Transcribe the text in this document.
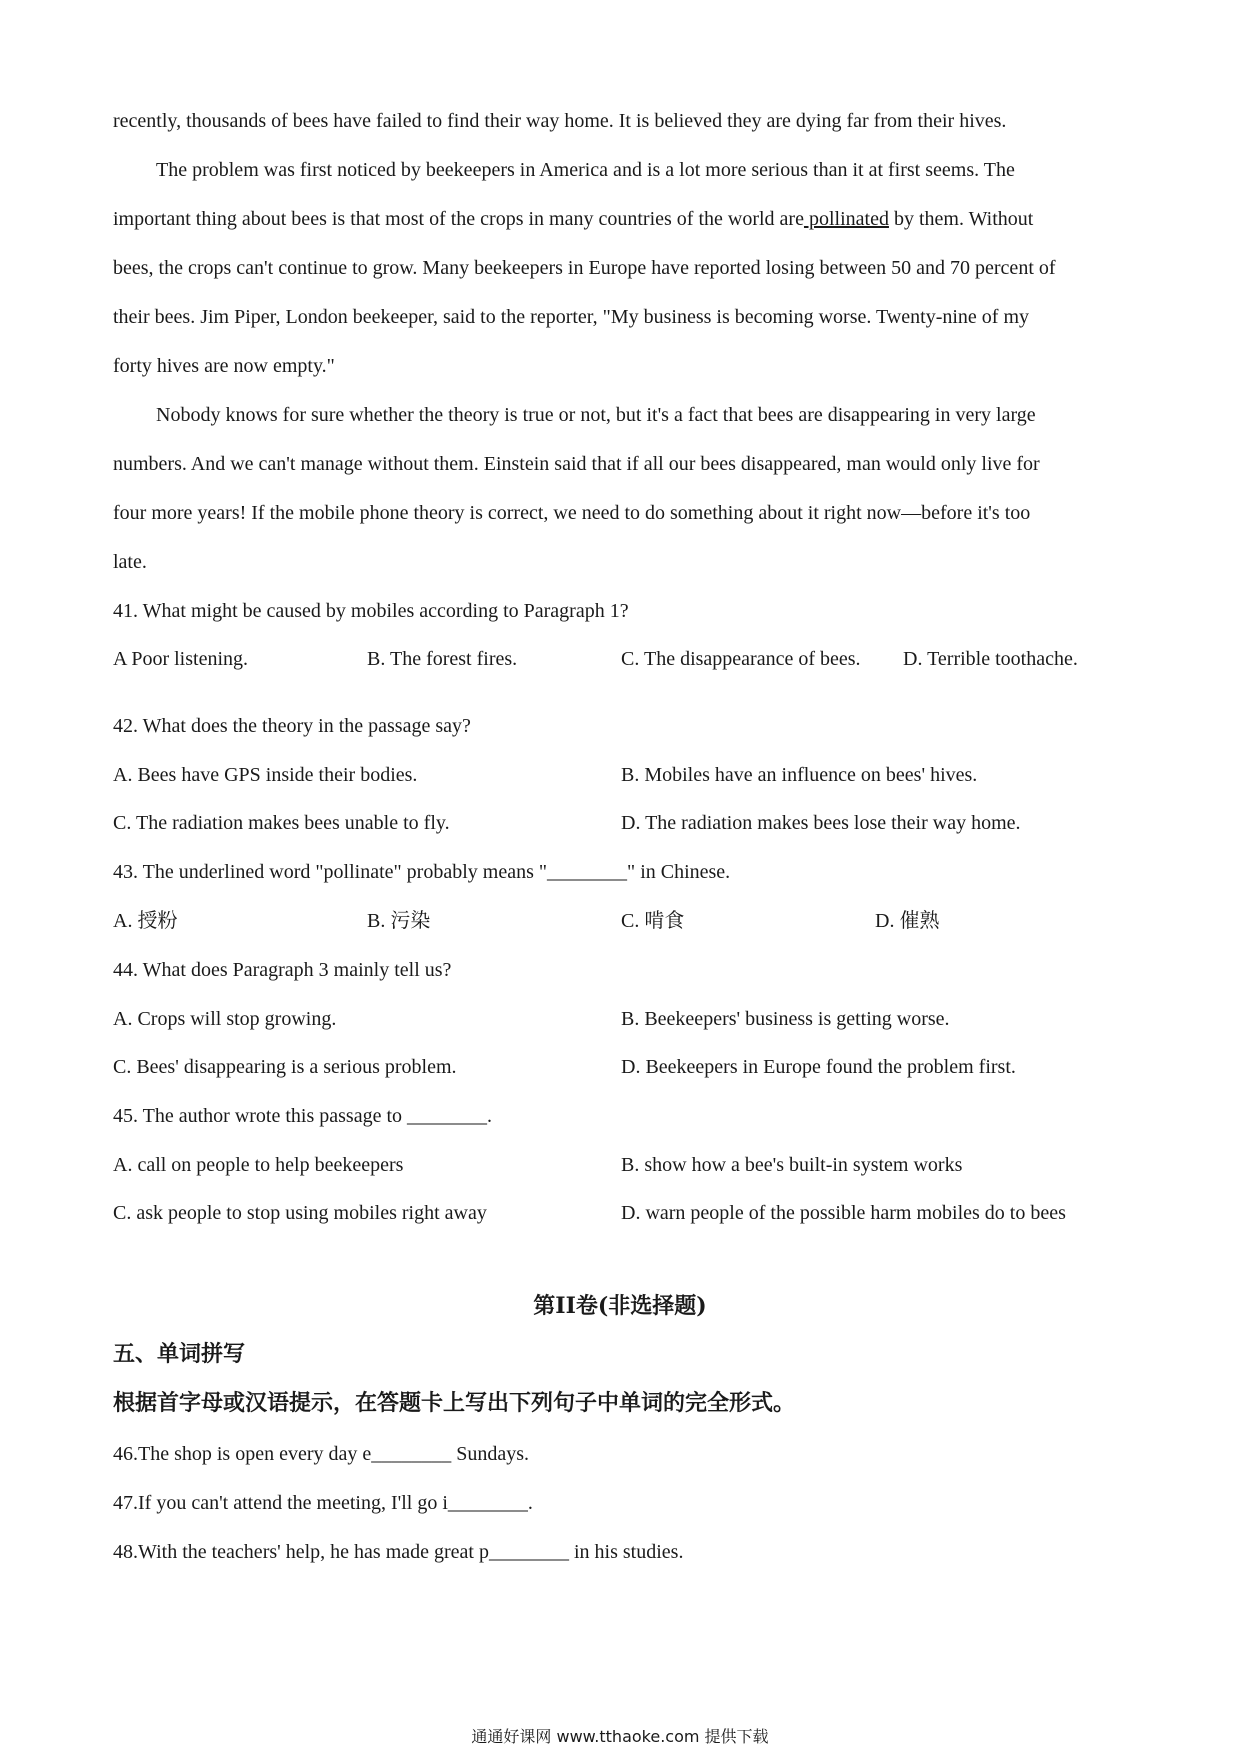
recently, thousands of bees have failed to find their way home. It is believed they are dying far from their hives.
The problem was first noticed by beekeepers in America and is a lot more serious than it at first seems. The
important thing about bees is that most of the crops in many countries of the world are pollinated by them. Without
bees, the crops can't continue to grow. Many beekeepers in Europe have reported losing between 50 and 70 percent of
their bees. Jim Piper, London beekeeper, said to the reporter, "My business is becoming worse. Twenty-nine of my
forty hives are now empty."
Nobody knows for sure whether the theory is true or not, but it's a fact that bees are disappearing in very large
numbers. And we can't manage without them. Einstein said that if all our bees disappeared, man would only live for
four more years! If the mobile phone theory is correct, we need to do something about it right now—before it's too
late.
41. What might be caused by mobiles according to Paragraph 1?
A Poor listening.	B. The forest fires.	C. The disappearance of bees. D. Terrible toothache.
42. What does the theory in the passage say?
A. Bees have GPS inside their bodies.	B. Mobiles have an influence on bees' hives.
C. The radiation makes bees unable to fly.	D. The radiation makes bees lose their way home.
43. The underlined word "pollinate" probably means "________" in Chinese.
A. 授粉	B. 污染	C. 啃食	D. 催熟
44. What does Paragraph 3 mainly tell us?
A. Crops will stop growing.	B. Beekeepers' business is getting worse.
C. Bees' disappearing is a serious problem.	D. Beekeepers in Europe found the problem first.
45. The author wrote this passage to ________.
A. call on people to help beekeepers	B. show how a bee's built-in system works
C. ask people to stop using mobiles right away	D. warn people of the possible harm mobiles do to bees
第II卷(非选择题)
五、单词拼写
根据首字母或汉语提示，在答题卡上写出下列句子中单词的完全形式。
46.The shop is open every day e________ Sundays.
47.If you can't attend the meeting, I'll go i________.
48.With the teachers' help, he has made great p________ in his studies.
通通好课网 www.tthaoke.com 提供下载
